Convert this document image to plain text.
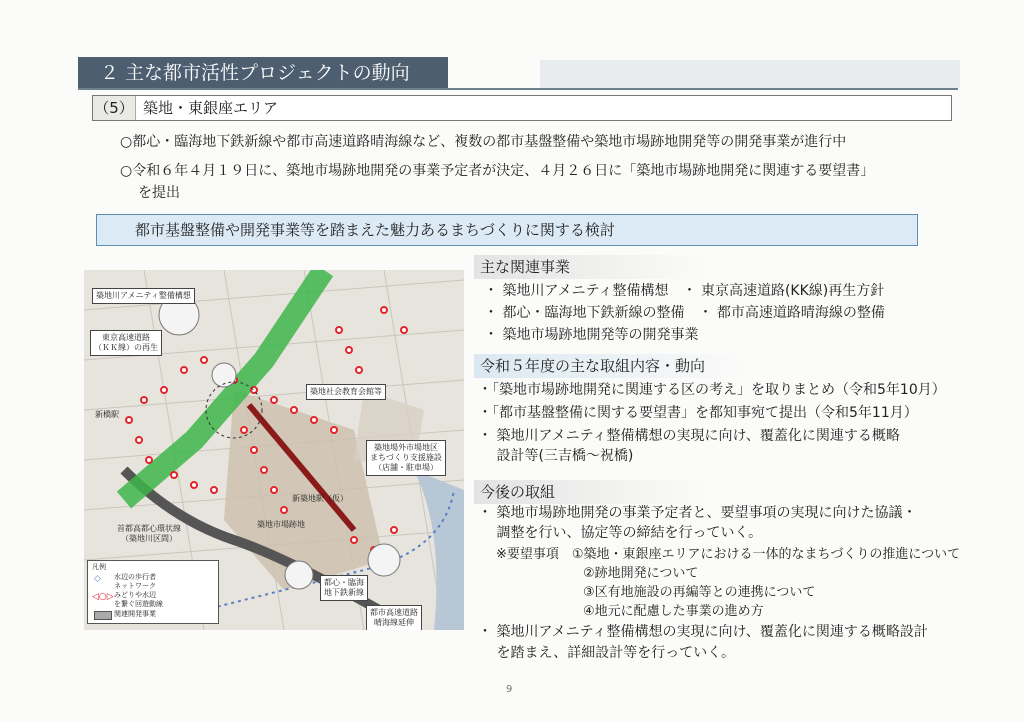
２ 主な都市活性プロジェクトの動向
（5） 築地・東銀座エリア
○都心・臨海地下鉄新線や都市高速道路晴海線など、複数の都市基盤整備や築地市場跡地開発等の開発事業が進行中
○令和６年４月１９日に、築地市場跡地開発の事業予定者が決定、４月２６日に「築地市場跡地開発に関連する要望書」
を提出
都市基盤整備や開発事業等を踏まえた魅力あるまちづくりに関する検討
築地川アメニティ整備構想
東京高速道路
（ＫＫ線）の再生
築地社会教育会館等
築地場外市場地区
まちづくり支援施設
（店舗・駐車場）
新築地駅（仮）
築地市場跡地
新橋駅
首都高都心環状線
（築地川区間）
都心・臨海
地下鉄新線
都市高速道路
晴海線延伸
凡例
◇ 水辺の歩行者
ネットワーク
◁○▷ みどりや水辺
を繋ぐ回遊動線
関連開発事業
主な関連事業
・ 築地川アメニティ整備構想　・ 東京高速道路(KK線)再生方針
・ 都心・臨海地下鉄新線の整備　・ 都市高速道路晴海線の整備
・ 築地市場跡地開発等の開発事業
令和５年度の主な取組内容・動向
・「築地市場跡地開発に関連する区の考え」を取りまとめ（令和5年10月）
・「都市基盤整備に関する要望書」を都知事宛て提出（令和5年11月）
・ 築地川アメニティ整備構想の実現に向け、覆蓋化に関連する概略
　 設計等(三吉橋～祝橋)
今後の取組
・ 築地市場跡地開発の事業予定者と、要望事項の実現に向けた協議・
　 調整を行い、協定等の締結を行っていく。
※要望事項　①築地・東銀座エリアにおける一体的なまちづくりの推進について
②跡地開発について
③区有地施設の再編等との連携について
④地元に配慮した事業の進め方
・ 築地川アメニティ整備構想の実現に向け、覆蓋化に関連する概略設計
　 を踏まえ、詳細設計等を行っていく。
9
